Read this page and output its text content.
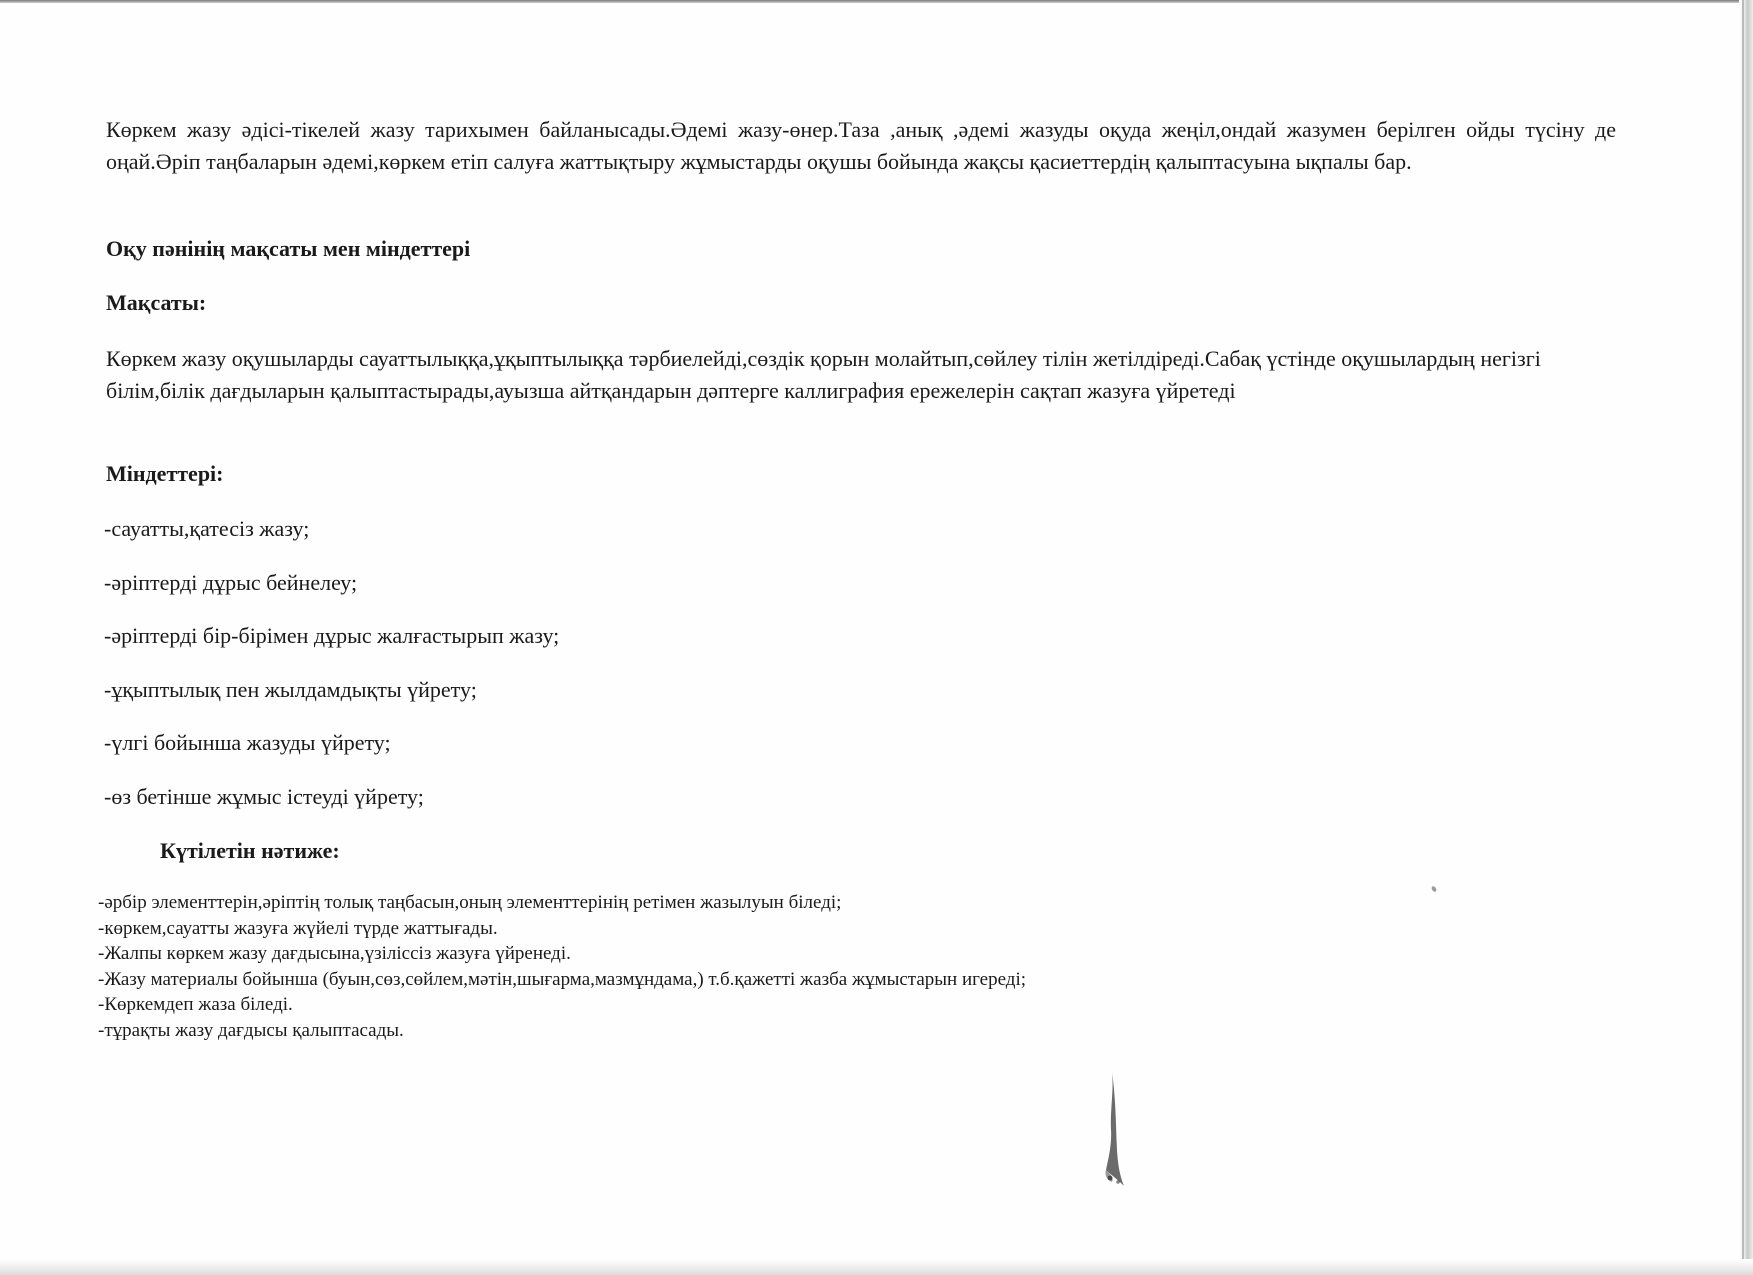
Көркем жазу әдісі-тікелей жазу тарихымен байланысады.Әдемі жазу-өнер.Таза ,анық ,әдемі жазуды оқуда жеңіл,ондай жазумен берілген ойды түсіну де оңай.Әріп таңбаларын әдемі,көркем етіп салуға жаттықтыру жұмыстарды оқушы бойында жақсы қасиеттердің қалыптасуына ықпалы бар.

Оқу пәнінің мақсаты мен міндеттері

Мақсаты:

Көркем жазу оқушыларды сауаттылыққа,ұқыптылыққа тәрбиелейді,сөздік қорын молайтып,сөйлеу тілін жетілдіреді.Сабақ үстінде оқушылардың негізгі білім,білік дағдыларын қалыптастырады,ауызша айтқандарын дәптерге каллиграфия ережелерін сақтап жазуға үйретеді

Міндеттері:

-сауатты,қатесіз жазу;

-әріптерді дұрыс бейнелеу;

-әріптерді бір-бірімен дұрыс жалғастырып жазу;

-ұқыптылық пен жылдамдықты үйрету;

-үлгі бойынша жазуды үйрету;

-өз бетінше жұмыс істеуді үйрету;

Күтілетін нәтиже:

-әрбір элементтерін,әріптің толық таңбасын,оның элементтерінің ретімен жазылуын біледі;
-көркем,сауатты жазуға жүйелі түрде жаттығады.
-Жалпы көркем жазу дағдысына,үзіліссіз жазуға үйренеді.
-Жазу материалы бойынша (буын,сөз,сөйлем,мәтін,шығарма,мазмұндама,) т.б.қажетті жазба жұмыстарын игереді;
-Көркемдеп жаза біледі.
-тұрақты жазу дағдысы қалыптасады.
